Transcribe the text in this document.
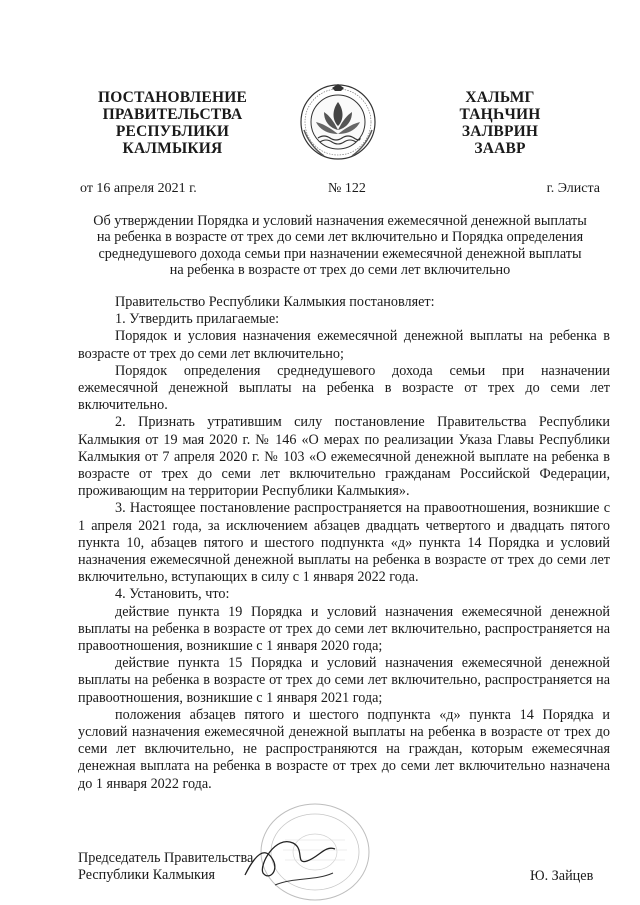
ПОСТАНОВЛЕНИЕ
ПРАВИТЕЛЬСТВА
РЕСПУБЛИКИ
КАЛМЫКИЯ
ХАЛЬМГ
ТАҢҺЧИН
ЗАЛВРИН
ЗААВР
от 16 апреля 2021 г.	№ 122	г. Элиста
Об утверждении Порядка и условий назначения ежемесячной денежной выплаты
на ребенка в возрасте от трех до семи лет включительно и Порядка определения
среднедушевого дохода семьи при назначении ежемесячной денежной выплаты
на ребенка в возрасте от трех до семи лет включительно

Правительство Республики Калмыкия постановляет:

1. Утвердить прилагаемые:

Порядок и условия назначения ежемесячной денежной выплаты на ребенка в возрасте от трех до семи лет включительно;

Порядок определения среднедушевого дохода семьи при назначении ежемесячной денежной выплаты на ребенка в возрасте от трех до семи лет включительно.

2. Признать утратившим силу постановление Правительства Республики Калмыкия от 19 мая 2020 г. № 146 «О мерах по реализации Указа Главы Республики Калмыкия от 7 апреля 2020 г. № 103 «О ежемесячной денежной выплате на ребенка в возрасте от трех до семи лет включительно гражданам Российской Федерации, проживающим на территории Республики Калмыкия».

3. Настоящее постановление распространяется на правоотношения, возникшие с 1 апреля 2021 года, за исключением абзацев двадцать четвертого и двадцать пятого пункта 10, абзацев пятого и шестого подпункта «д» пункта 14 Порядка и условий назначения ежемесячной денежной выплаты на ребенка в возрасте от трех до семи лет включительно, вступающих в силу с 1 января 2022 года.

4. Установить, что:

действие пункта 19 Порядка и условий назначения ежемесячной денежной выплаты на ребенка в возрасте от трех до семи лет включительно, распространяется на правоотношения, возникшие с 1 января 2020 года;

действие пункта 15 Порядка и условий назначения ежемесячной денежной выплаты на ребенка в возрасте от трех до семи лет включительно, распространяется на правоотношения, возникшие с 1 января 2021 года;

положения абзацев пятого и шестого подпункта «д» пункта 14 Порядка и условий назначения ежемесячной денежной выплаты на ребенка в возрасте от трех до семи лет включительно, не распространяются на граждан, которым ежемесячная денежная выплата на ребенка в возрасте от трех до семи лет включительно назначена до 1 января 2022 года.

Председатель Правительства
Республики Калмыкия	Ю. Зайцев
